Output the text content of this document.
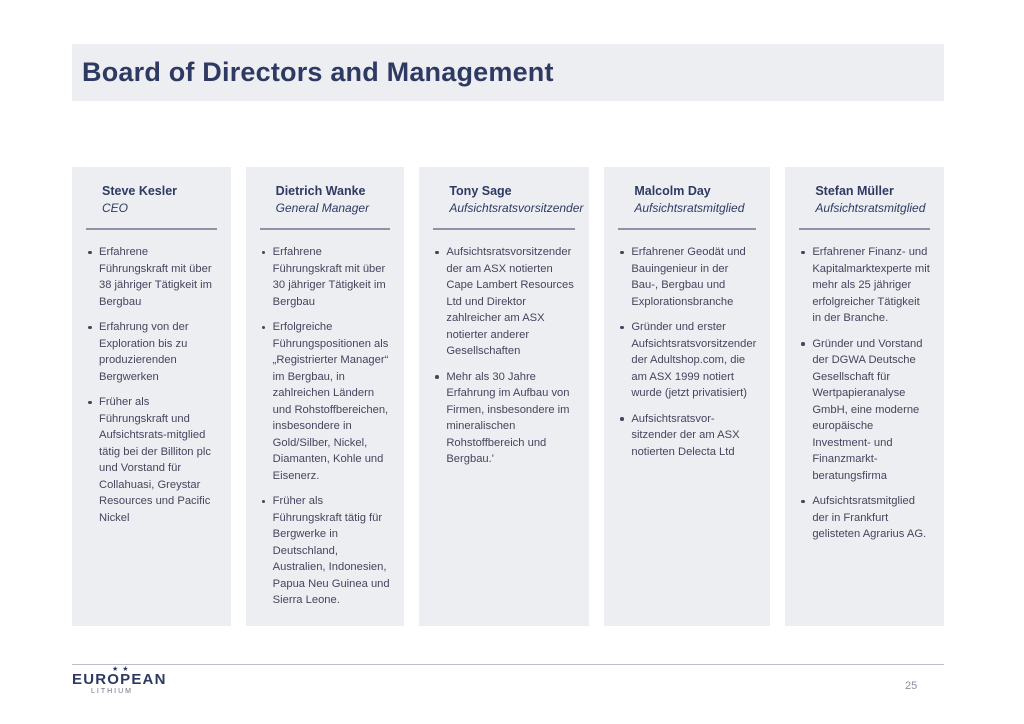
Board of Directors and Management
Steve Kesler
CEO
Erfahrene Führungskraft mit über 38 jähriger Tätigkeit im Bergbau
Erfahrung von der Exploration bis zu produzierenden Bergwerken
Früher als Führungskraft und Aufsichtsrats-mitglied tätig bei der Billiton plc und Vorstand für Collahuasi, Greystar Resources und Pacific Nickel
Dietrich Wanke
General Manager
Erfahrene Führungskraft mit über 30 jähriger Tätigkeit im Bergbau
Erfolgreiche Führungspositionen als „Registrierter Manager“ im Bergbau, in zahlreichen Ländern und Rohstoffbereichen, insbesondere in Gold/Silber, Nickel, Diamanten, Kohle und Eisenerz.
Früher als Führungskraft tätig für Bergwerke in Deutschland, Australien, Indonesien, Papua Neu Guinea und Sierra Leone.
Tony Sage
Aufsichtsratsvorsitzender
Aufsichtsratsvorsitzender der am ASX notierten Cape Lambert Resources Ltd und Direktor zahlreicher am ASX notierter anderer Gesellschaften
Mehr als 30 Jahre Erfahrung im Aufbau von Firmen, insbesondere im mineralischen Rohstoffbereich und Bergbau.'
Malcolm Day
Aufsichtsratsmitglied
Erfahrener Geodät und Bauingenieur in der Bau-, Bergbau und Explorationsbranche
Gründer und erster Aufsichtsratsvorsitzender der Adultshop.com, die am ASX 1999 notiert wurde (jetzt privatisiert)
Aufsichtsratsvor-sitzender der am ASX notierten Delecta Ltd
Stefan Müller
Aufsichtsratsmitglied
Erfahrener Finanz- und Kapitalmarktexperte mit mehr als 25 jähriger erfolgreicher Tätigkeit in der Branche.
Gründer und Vorstand der DGWA Deutsche Gesellschaft für Wertpapieranalyse GmbH, eine moderne europäische Investment- und Finanzmarkt-beratungsfirma
Aufsichtsratsmitglied der in Frankfurt gelisteten Agrarius AG.
★ ★
EUROPEAN
LITHIUM	25
